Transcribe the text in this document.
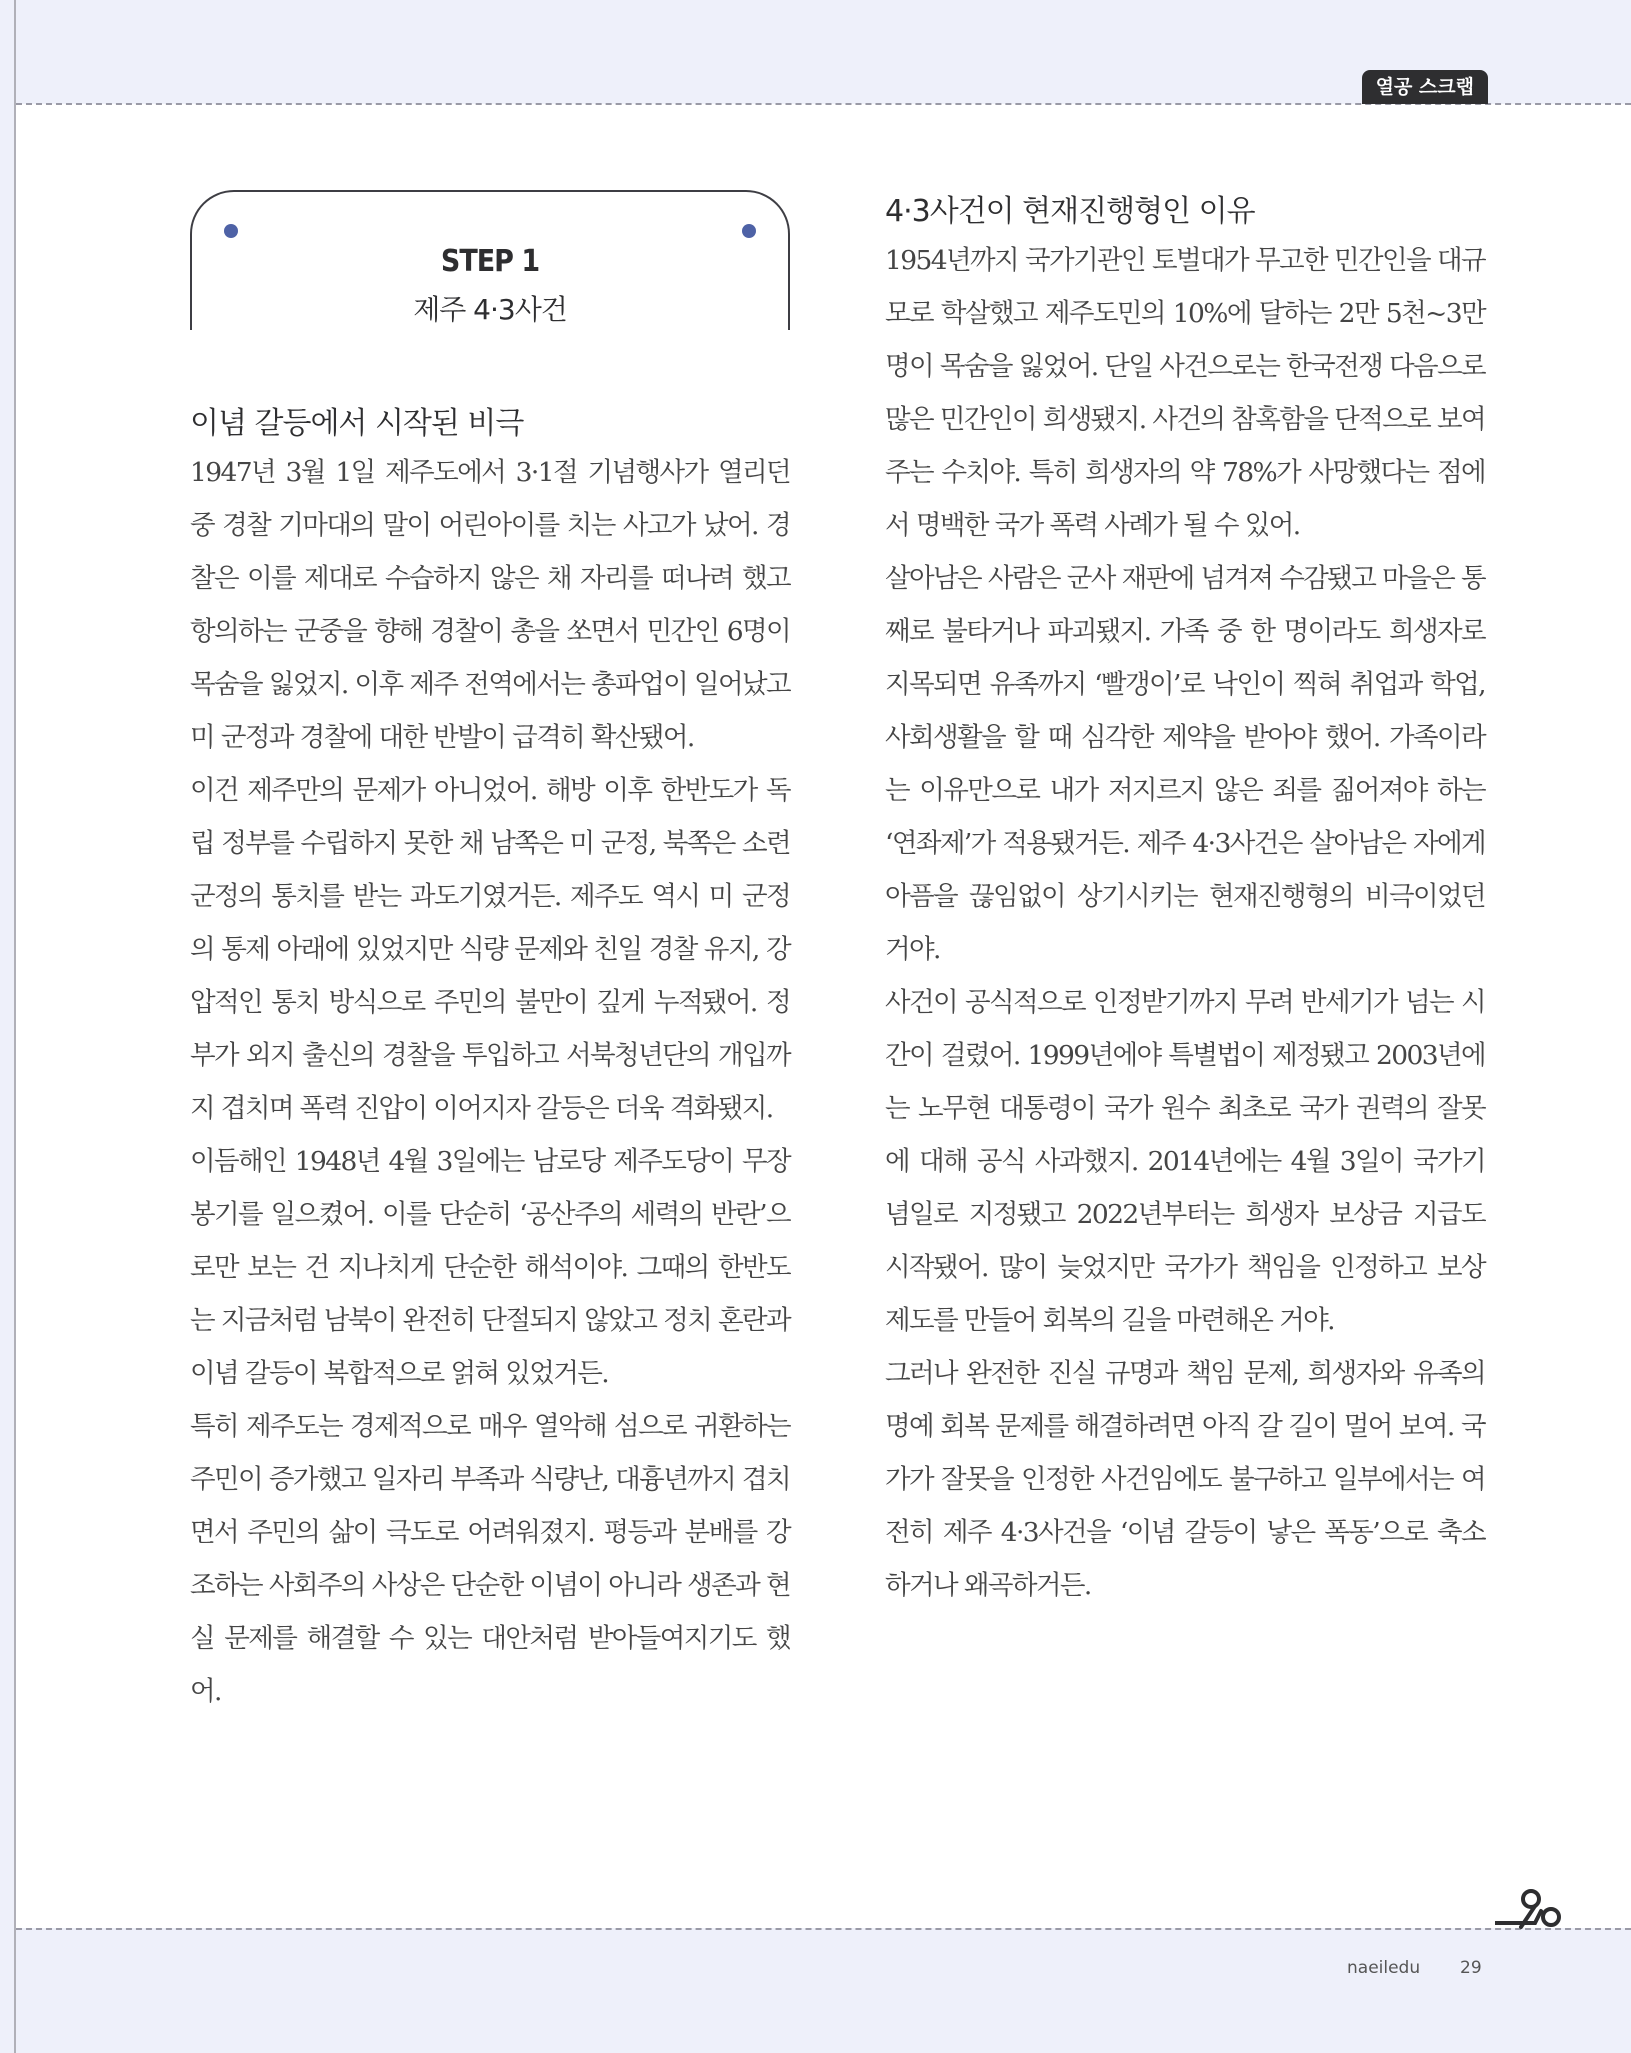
열공 스크랩
STEP 1
제주 4·3사건
이념 갈등에서 시작된 비극

1947년 3월 1일 제주도에서 3·1절 기념행사가 열리던 중 경찰 기마대의 말이 어린아이를 치는 사고가 났어. 경찰은 이를 제대로 수습하지 않은 채 자리를 떠나려 했고 항의하는 군중을 향해 경찰이 총을 쏘면서 민간인 6명이 목숨을 잃었지. 이후 제주 전역에서는 총파업이 일어났고 미 군정과 경찰에 대한 반발이 급격히 확산됐어.

이건 제주만의 문제가 아니었어. 해방 이후 한반도가 독립 정부를 수립하지 못한 채 남쪽은 미 군정, 북쪽은 소련 군정의 통치를 받는 과도기였거든. 제주도 역시 미 군정의 통제 아래에 있었지만 식량 문제와 친일 경찰 유지, 강압적인 통치 방식으로 주민의 불만이 깊게 누적됐어. 정부가 외지 출신의 경찰을 투입하고 서북청년단의 개입까지 겹치며 폭력 진압이 이어지자 갈등은 더욱 격화됐지.

이듬해인 1948년 4월 3일에는 남로당 제주도당이 무장 봉기를 일으켰어. 이를 단순히 ‘공산주의 세력의 반란’으로만 보는 건 지나치게 단순한 해석이야. 그때의 한반도는 지금처럼 남북이 완전히 단절되지 않았고 정치 혼란과 이념 갈등이 복합적으로 얽혀 있었거든.

특히 제주도는 경제적으로 매우 열악해 섬으로 귀환하는 주민이 증가했고 일자리 부족과 식량난, 대흉년까지 겹치면서 주민의 삶이 극도로 어려워졌지. 평등과 분배를 강조하는 사회주의 사상은 단순한 이념이 아니라 생존과 현실 문제를 해결할 수 있는 대안처럼 받아들여지기도 했어.

4·3사건이 현재진행형인 이유

1954년까지 국가기관인 토벌대가 무고한 민간인을 대규모로 학살했고 제주도민의 10%에 달하는 2만 5천~3만 명이 목숨을 잃었어. 단일 사건으로는 한국전쟁 다음으로 많은 민간인이 희생됐지. 사건의 참혹함을 단적으로 보여주는 수치야. 특히 희생자의 약 78%가 사망했다는 점에서 명백한 국가 폭력 사례가 될 수 있어.

살아남은 사람은 군사 재판에 넘겨져 수감됐고 마을은 통째로 불타거나 파괴됐지. 가족 중 한 명이라도 희생자로 지목되면 유족까지 ‘빨갱이’로 낙인이 찍혀 취업과 학업, 사회생활을 할 때 심각한 제약을 받아야 했어. 가족이라는 이유만으로 내가 저지르지 않은 죄를 짊어져야 하는 ‘연좌제’가 적용됐거든. 제주 4·3사건은 살아남은 자에게 아픔을 끊임없이 상기시키는 현재진행형의 비극이었던 거야.

사건이 공식적으로 인정받기까지 무려 반세기가 넘는 시간이 걸렸어. 1999년에야 특별법이 제정됐고 2003년에는 노무현 대통령이 국가 원수 최초로 국가 권력의 잘못에 대해 공식 사과했지. 2014년에는 4월 3일이 국가기념일로 지정됐고 2022년부터는 희생자 보상금 지급도 시작됐어. 많이 늦었지만 국가가 책임을 인정하고 보상 제도를 만들어 회복의 길을 마련해온 거야.

그러나 완전한 진실 규명과 책임 문제, 희생자와 유족의 명예 회복 문제를 해결하려면 아직 갈 길이 멀어 보여. 국가가 잘못을 인정한 사건임에도 불구하고 일부에서는 여전히 제주 4·3사건을 ‘이념 갈등이 낳은 폭동’으로 축소하거나 왜곡하거든.

naeiledu 29
